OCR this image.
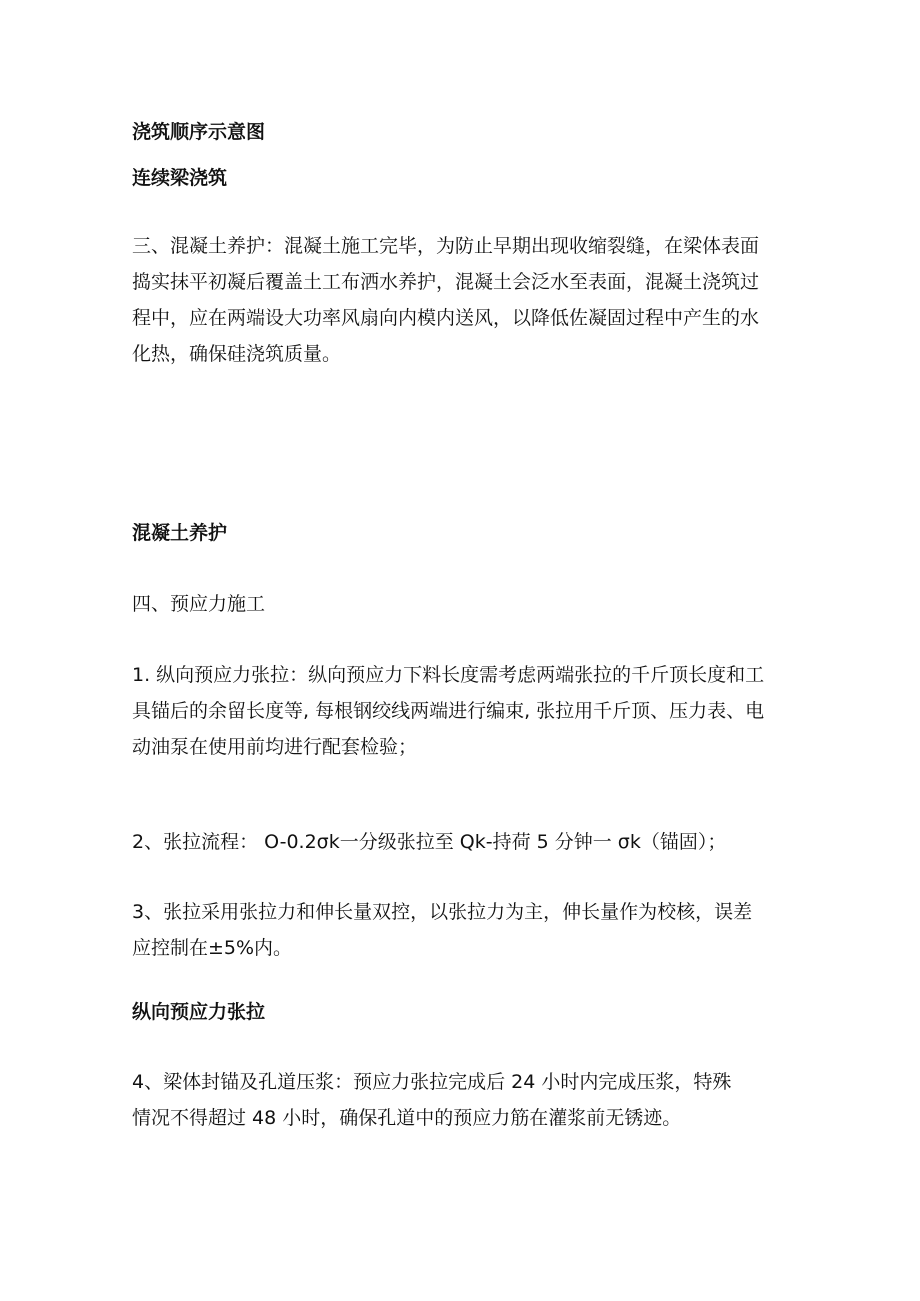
浇筑顺序示意图

连续梁浇筑

三、混凝土养护：混凝土施工完毕，为防止早期出现收缩裂缝，在梁体表面
捣实抹平初凝后覆盖土工布洒水养护，混凝土会泛水至表面，混凝土浇筑过
程中，应在两端设大功率风扇向内模内送风，以降低佐凝固过程中产生的水
化热，确保硅浇筑质量。

混凝土养护

四、预应力施工

1. 纵向预应力张拉：纵向预应力下料长度需考虑两端张拉的千斤顶长度和工
具锚后的余留长度等, 每根钢绞线两端进行编束, 张拉用千斤顶、压力表、电
动油泵在使用前均进行配套检验；

2、张拉流程： O-0.2σk一分级张拉至 Qk-持荷 5 分钟一 σk（锚固）；

3、张拉采用张拉力和伸长量双控，以张拉力为主，伸长量作为校核，误差
应控制在±5%内。

纵向预应力张拉

4、梁体封锚及孔道压浆：预应力张拉完成后 24 小时内完成压浆，特殊
情况不得超过 48 小时，确保孔道中的预应力筋在灌浆前无锈迹。
